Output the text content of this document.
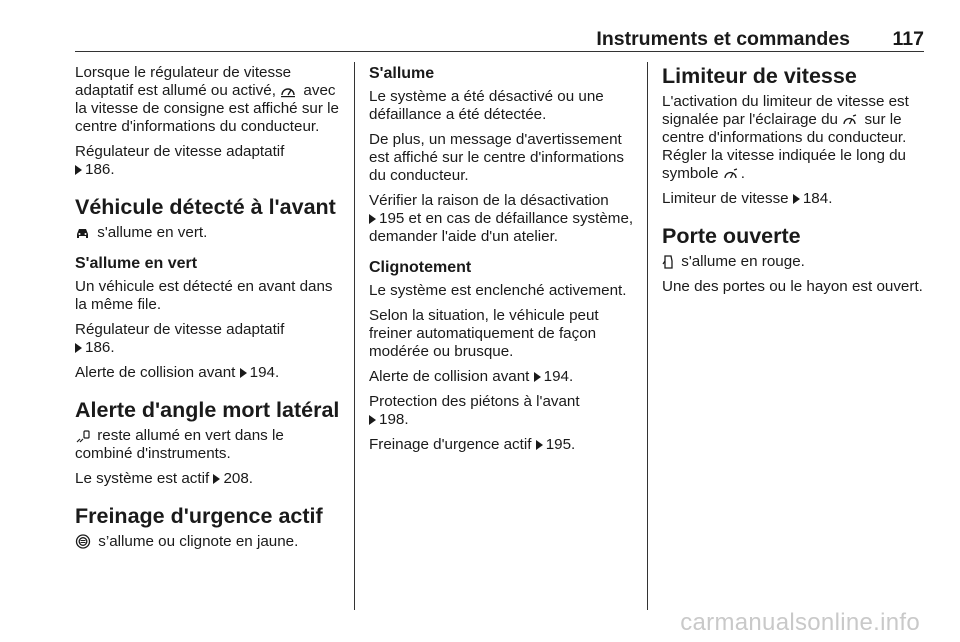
Instruments et commandes 117

Lorsque le régulateur de vitesse adaptatif est allumé ou activé, avec la vitesse de consigne est affiché sur le centre d'informations du conducteur.

Régulateur de vitesse adaptatif
186.

Véhicule détecté à l'avant

s'allume en vert.

S'allume en vert

Un véhicule est détecté en avant dans la même file.

Régulateur de vitesse adaptatif
186.

Alerte de collision avant 194.

Alerte d'angle mort latéral

reste allumé en vert dans le combiné d'instruments.

Le système est actif 208.

Freinage d'urgence actif

s’allume ou clignote en jaune.

S'allume

Le système a été désactivé ou une défaillance a été détectée.

De plus, un message d'avertissement est affiché sur le centre d'informations du conducteur.

Vérifier la raison de la désactivation
195 et en cas de défaillance système, demander l'aide d'un atelier.

Clignotement

Le système est enclenché activement.

Selon la situation, le véhicule peut freiner automatiquement de façon modérée ou brusque.

Alerte de collision avant 194.

Protection des piétons à l'avant
198.

Freinage d'urgence actif 195.

Limiteur de vitesse

L'activation du limiteur de vitesse est signalée par l'éclairage du sur le centre d'informations du conducteur. Régler la vitesse indiquée le long du symbole .

Limiteur de vitesse 184.

Porte ouverte

s'allume en rouge.

Une des portes ou le hayon est ouvert.

carmanualsonline.info
